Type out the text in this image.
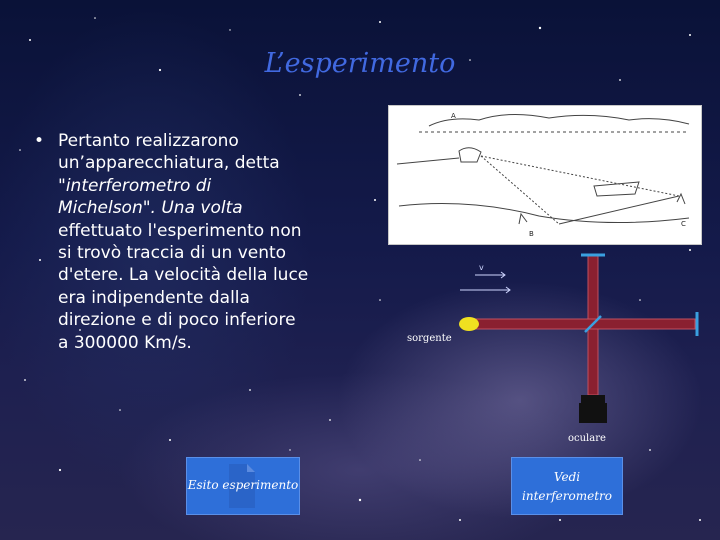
L’esperimento
• Pertanto realizzarono
un’apparecchiatura, detta
"interferometro di
Michelson". Una volta
effettuato l'esperimento non
si trovò traccia di un vento
d'etere. La velocità della luce
era indipendente dalla
direzione e di poco inferiore
a 300000 Km/s.
A
B
C
sorgente
v
oculare
Esito esperimento
Vedi
interferometro
